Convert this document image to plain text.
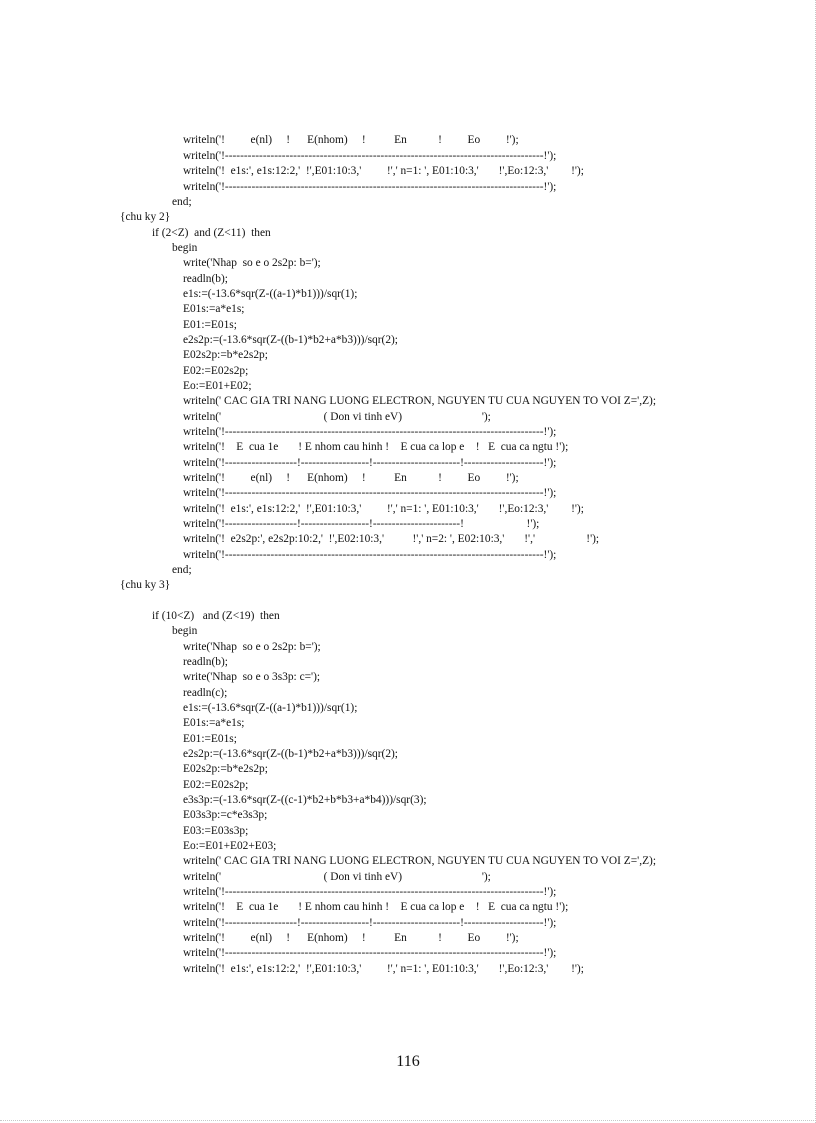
writeln('!         e(nl)     !      E(nhom)     !          En           !         Eo         !');
writeln('!------------------------------------------------------------------------------------!');
writeln('!  e1s:', e1s:12:2,'  !',E01:10:3,'         !',' n=1: ', E01:10:3,'       !',Eo:12:3,'        !');
writeln('!------------------------------------------------------------------------------------!');
end;
{chu ky 2}
if (2<Z)  and (Z<11)  then
begin
write('Nhap  so e o 2s2p: b=');
readln(b);
e1s:=(-13.6*sqr(Z-((a-1)*b1)))/sqr(1);
E01s:=a*e1s;
E01:=E01s;
e2s2p:=(-13.6*sqr(Z-((b-1)*b2+a*b3)))/sqr(2);
E02s2p:=b*e2s2p;
E02:=E02s2p;
Eo:=E01+E02;
writeln(' CAC GIA TRI NANG LUONG ELECTRON, NGUYEN TU CUA NGUYEN TO VOI Z=',Z);
writeln('                                    ( Don vi tinh eV)                            ');
writeln('!------------------------------------------------------------------------------------!');
writeln('!    E  cua 1e       ! E nhom cau hinh !    E cua ca lop e    !   E  cua ca ngtu !');
writeln('!-------------------!------------------!-----------------------!---------------------!');
writeln('!         e(nl)     !      E(nhom)     !          En           !         Eo         !');
writeln('!------------------------------------------------------------------------------------!');
writeln('!  e1s:', e1s:12:2,'  !',E01:10:3,'         !',' n=1: ', E01:10:3,'       !',Eo:12:3,'        !');
writeln('!-------------------!------------------!-----------------------!                      !');
writeln('!  e2s2p:', e2s2p:10:2,'  !',E02:10:3,'          !',' n=2: ', E02:10:3,'       !','                  !');
writeln('!------------------------------------------------------------------------------------!');
end;
{chu ky 3}
if (10<Z)   and (Z<19)  then
begin
write('Nhap  so e o 2s2p: b=');
readln(b);
write('Nhap  so e o 3s3p: c=');
readln(c);
e1s:=(-13.6*sqr(Z-((a-1)*b1)))/sqr(1);
E01s:=a*e1s;
E01:=E01s;
e2s2p:=(-13.6*sqr(Z-((b-1)*b2+a*b3)))/sqr(2);
E02s2p:=b*e2s2p;
E02:=E02s2p;
e3s3p:=(-13.6*sqr(Z-((c-1)*b2+b*b3+a*b4)))/sqr(3);
E03s3p:=c*e3s3p;
E03:=E03s3p;
Eo:=E01+E02+E03;
writeln(' CAC GIA TRI NANG LUONG ELECTRON, NGUYEN TU CUA NGUYEN TO VOI Z=',Z);
writeln('                                    ( Don vi tinh eV)                            ');
writeln('!------------------------------------------------------------------------------------!');
writeln('!    E  cua 1e       ! E nhom cau hinh !    E cua ca lop e    !   E  cua ca ngtu !');
writeln('!-------------------!------------------!-----------------------!---------------------!');
writeln('!         e(nl)     !      E(nhom)     !          En           !         Eo         !');
writeln('!------------------------------------------------------------------------------------!');
writeln('!  e1s:', e1s:12:2,'  !',E01:10:3,'         !',' n=1: ', E01:10:3,'       !',Eo:12:3,'        !');
116
